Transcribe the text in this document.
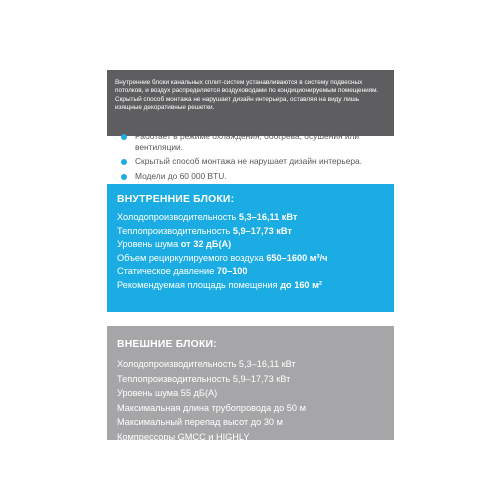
Внутренние блоки канальных сплит-систем устанавливаются в систему подвесных потолков, и воздух распределяется воздуховодами по кондиционируемым помещениям. Скрытый способ монтажа не нарушает дизайн интерьера, оставляя на виду лишь изящные декоративные решетки.

Работает в режиме охлаждения, обогрева, осушения или вентиляции.
Скрытый способ монтажа не нарушает дизайн интерьера.
Модели до 60 000 BTU.
ВНУТРЕННИЕ БЛОКИ:
Холодопроизводительность 5,3–16,11 кВт
Теплопроизводительность 5,9–17,73 кВт
Уровень шума от 32 дБ(А)
Объем рециркулируемого воздуха 650–1600 м³/ч
Статическое давление 70–100
Рекомендуемая площадь помещения до 160 м²
ВНЕШНИЕ БЛОКИ:
Холодопроизводительность 5,3–16,11 кВт
Теплопроизводительность 5,9–17,73 кВт
Уровень шума 55 дБ(А)
Максимальная длина трубопровода до 50 м
Максимальный перепад высот до 30 м
Компрессоры GMCC и HIGHLY
